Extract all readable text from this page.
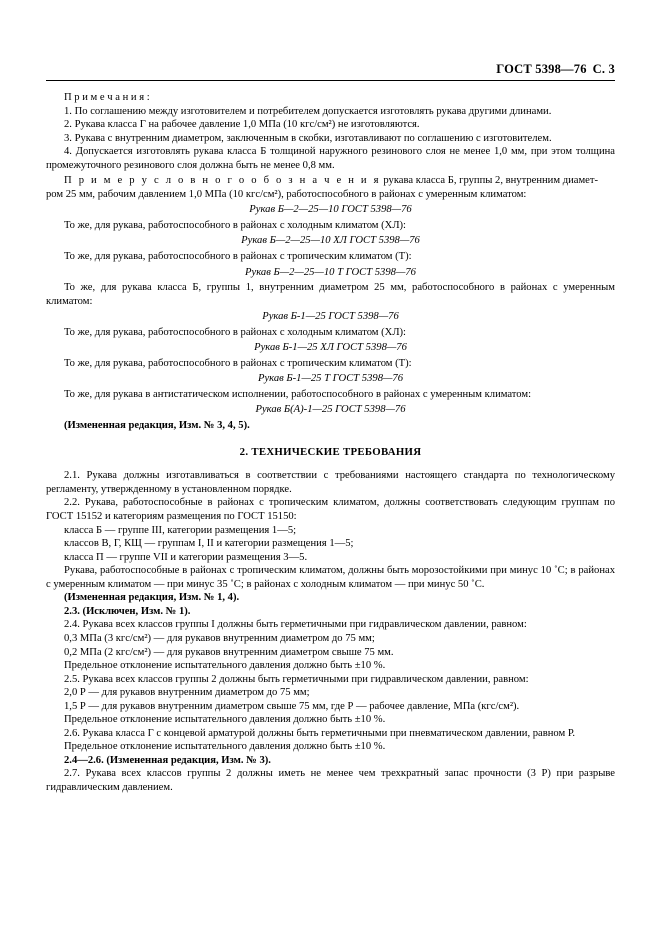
ГОСТ 5398—76 С. 3

П р и м е ч а н и я :

1. По соглашению между изготовителем и потребителем допускается изготовлять рукава другими длинами.

2. Рукава класса Г на рабочее давление 1,0 МПа (10 кгс/см²) не изготовляются.

3. Рукава с внутренним диаметром, заключенным в скобки, изготавливают по соглашению с изготовителем.

4. Допускается изготовлять рукава класса Б толщиной наружного резинового слоя не менее 1,0 мм, при этом толщина промежуточного резинового слоя должна быть не менее 0,8 мм.

П р и м е р у с л о в н о г о о б о з н а ч е н и я рукава класса Б, группы 2, внутренним диамет-

ром 25 мм, рабочим давлением 1,0 МПа (10 кгс/см²), работоспособного в районах с умеренным климатом:

Рукав Б—2—25—10 ГОСТ 5398—76

То же, для рукава, работоспособного в районах с холодным климатом (ХЛ):

Рукав Б—2—25—10 ХЛ ГОСТ 5398—76

То же, для рукава, работоспособного в районах с тропическим климатом (Т):

Рукав Б—2—25—10 Т ГОСТ 5398—76

То же, для рукава класса Б, группы 1, внутренним диаметром 25 мм, работоспособного в районах с умеренным климатом:

Рукав Б-1—25 ГОСТ 5398—76

То же, для рукава, работоспособного в районах с холодным климатом (ХЛ):

Рукав Б-1—25 ХЛ ГОСТ 5398—76

То же, для рукава, работоспособного в районах с тропическим климатом (Т):

Рукав Б-1—25 Т ГОСТ 5398—76

То же, для рукава в антистатическом исполнении, работоспособного в районах с умеренным климатом:

Рукав Б(А)-1—25 ГОСТ 5398—76

(Измененная редакция, Изм. № 3, 4, 5).

2. ТЕХНИЧЕСКИЕ ТРЕБОВАНИЯ

2.1. Рукава должны изготавливаться в соответствии с требованиями настоящего стандарта по технологическому регламенту, утвержденному в установленном порядке.

2.2. Рукава, работоспособные в районах с тропическим климатом, должны соответствовать следующим группам по ГОСТ 15152 и категориям размещения по ГОСТ 15150:

класса Б — группе III, категории размещения 1—5;

классов В, Г, КЩ — группам I, II и категории размещения 1—5;

класса П — группе VII и категории размещения 3—5.

Рукава, работоспособные в районах с тропическим климатом, должны быть морозостойкими при минус 10 ˚С; в районах с умеренным климатом — при минус 35 ˚С; в районах с холодным климатом — при минус 50 ˚С.

(Измененная редакция, Изм. № 1, 4).

2.3. (Исключен, Изм. № 1).

2.4. Рукава всех классов группы I должны быть герметичными при гидравлическом давлении, равном:

0,3 МПа (3 кгс/см²) — для рукавов внутренним диаметром до 75 мм;

0,2 МПа (2 кгс/см²) — для рукавов внутренним диаметром свыше 75 мм.

Предельное отклонение испытательного давления должно быть ±10 %.

2.5. Рукава всех классов группы 2 должны быть герметичными при гидравлическом давлении, равном:

2,0 Р — для рукавов внутренним диаметром до 75 мм;

1,5 Р — для рукавов внутренним диаметром свыше 75 мм, где Р — рабочее давление, МПа (кгс/см²).

Предельное отклонение испытательного давления должно быть ±10 %.

2.6. Рукава класса Г с концевой арматурой должны быть герметичными при пневматическом давлении, равном Р.

Предельное отклонение испытательного давления должно быть ±10 %.

2.4—2.6. (Измененная редакция, Изм. № 3).

2.7. Рукава всех классов группы 2 должны иметь не менее чем трехкратный запас прочности (3 Р) при разрыве гидравлическим давлением.
